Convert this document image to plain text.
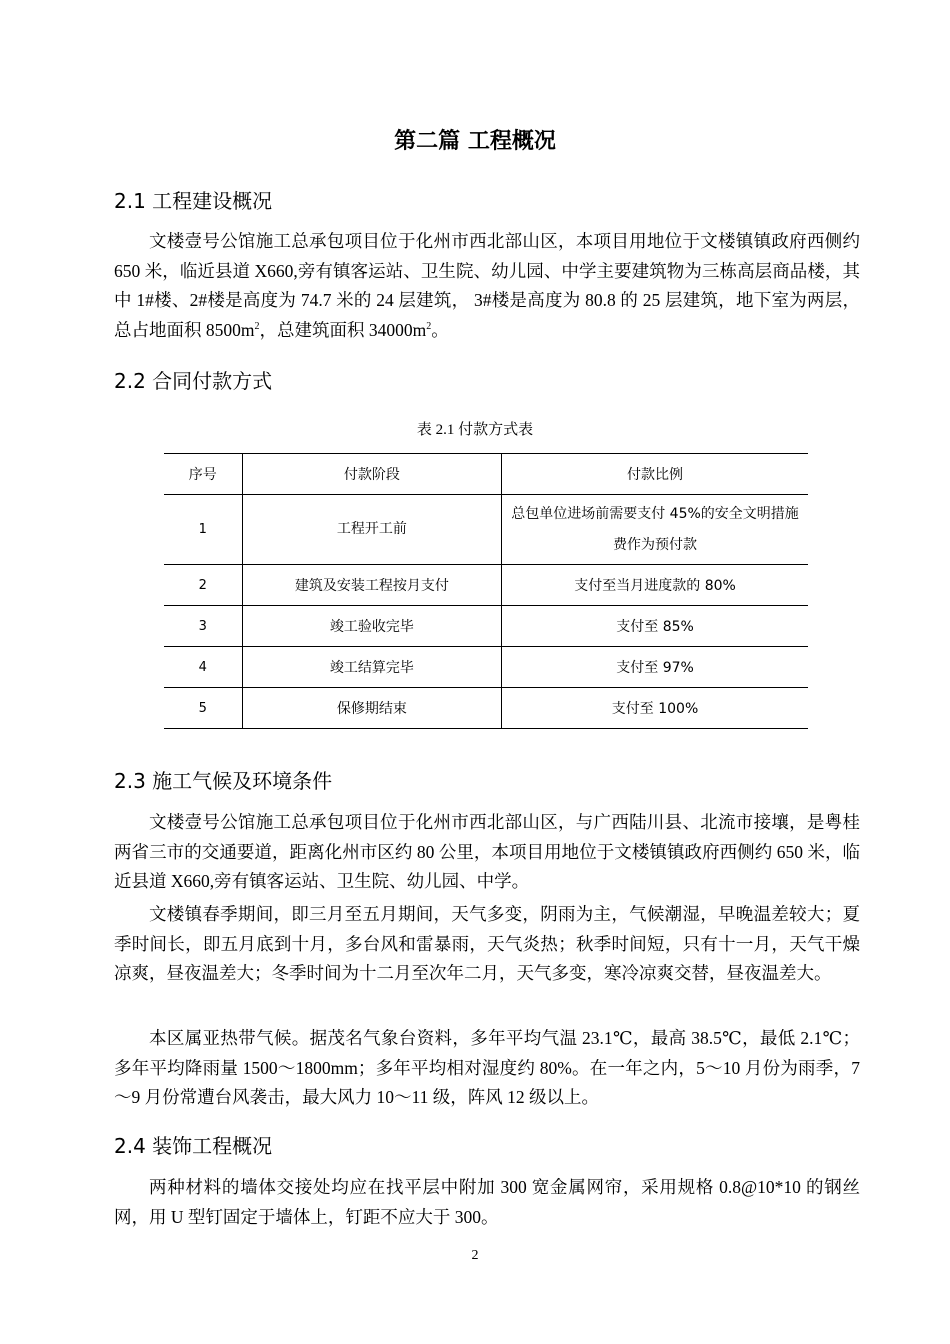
第二篇 工程概况
2.1 工程建设概况
文楼壹号公馆施工总承包项目位于化州市西北部山区，本项目用地位于文楼镇镇政府西侧约 650 米，临近县道 X660,旁有镇客运站、卫生院、幼儿园、中学主要建筑物为三栋高层商品楼，其中 1#楼、2#楼是高度为 74.7 米的 24 层建筑， 3#楼是高度为 80.8 的 25 层建筑，地下室为两层，总占地面积 $8500m^2$，总建筑面积 $34000m^2$。
2.2 合同付款方式
表 2.1 付款方式表
序号	付款阶段	付款比例
1	工程开工前	总包单位进场前需要支付 45%的安全文明措施费作为预付款

2	建筑及安装工程按月支付	支付至当月进度款的 80%
3	竣工验收完毕	支付至 85%
4	竣工结算完毕	支付至 97%
5	保修期结束	支付至 100%
2.3 施工气候及环境条件
文楼壹号公馆施工总承包项目位于化州市西北部山区，与广西陆川县、北流市接壤，是粤桂两省三市的交通要道，距离化州市区约 80 公里，本项目用地位于文楼镇镇政府西侧约 650 米，临近县道 X660,旁有镇客运站、卫生院、幼儿园、中学。
文楼镇春季期间，即三月至五月期间，天气多变，阴雨为主，气候潮湿，早晚温差较大；夏季时间长，即五月底到十月，多台风和雷暴雨，天气炎热；秋季时间短，只有十一月，天气干燥凉爽，昼夜温差大；冬季时间为十二月至次年二月，天气多变，寒冷凉爽交替，昼夜温差大。
本区属亚热带气候。据茂名气象台资料，多年平均气温 23.1℃，最高 38.5℃，最低 2.1℃；多年平均降雨量 1500～1800mm；多年平均相对湿度约 80%。在一年之内，5～10 月份为雨季，7～9 月份常遭台风袭击，最大风力 10～11 级，阵风 12 级以上。
2.4 装饰工程概况
两种材料的墙体交接处均应在找平层中附加 300 宽金属网帘，采用规格 0.8@10*10 的钢丝网，用 U 型钉固定于墙体上，钉距不应大于 300。
2
